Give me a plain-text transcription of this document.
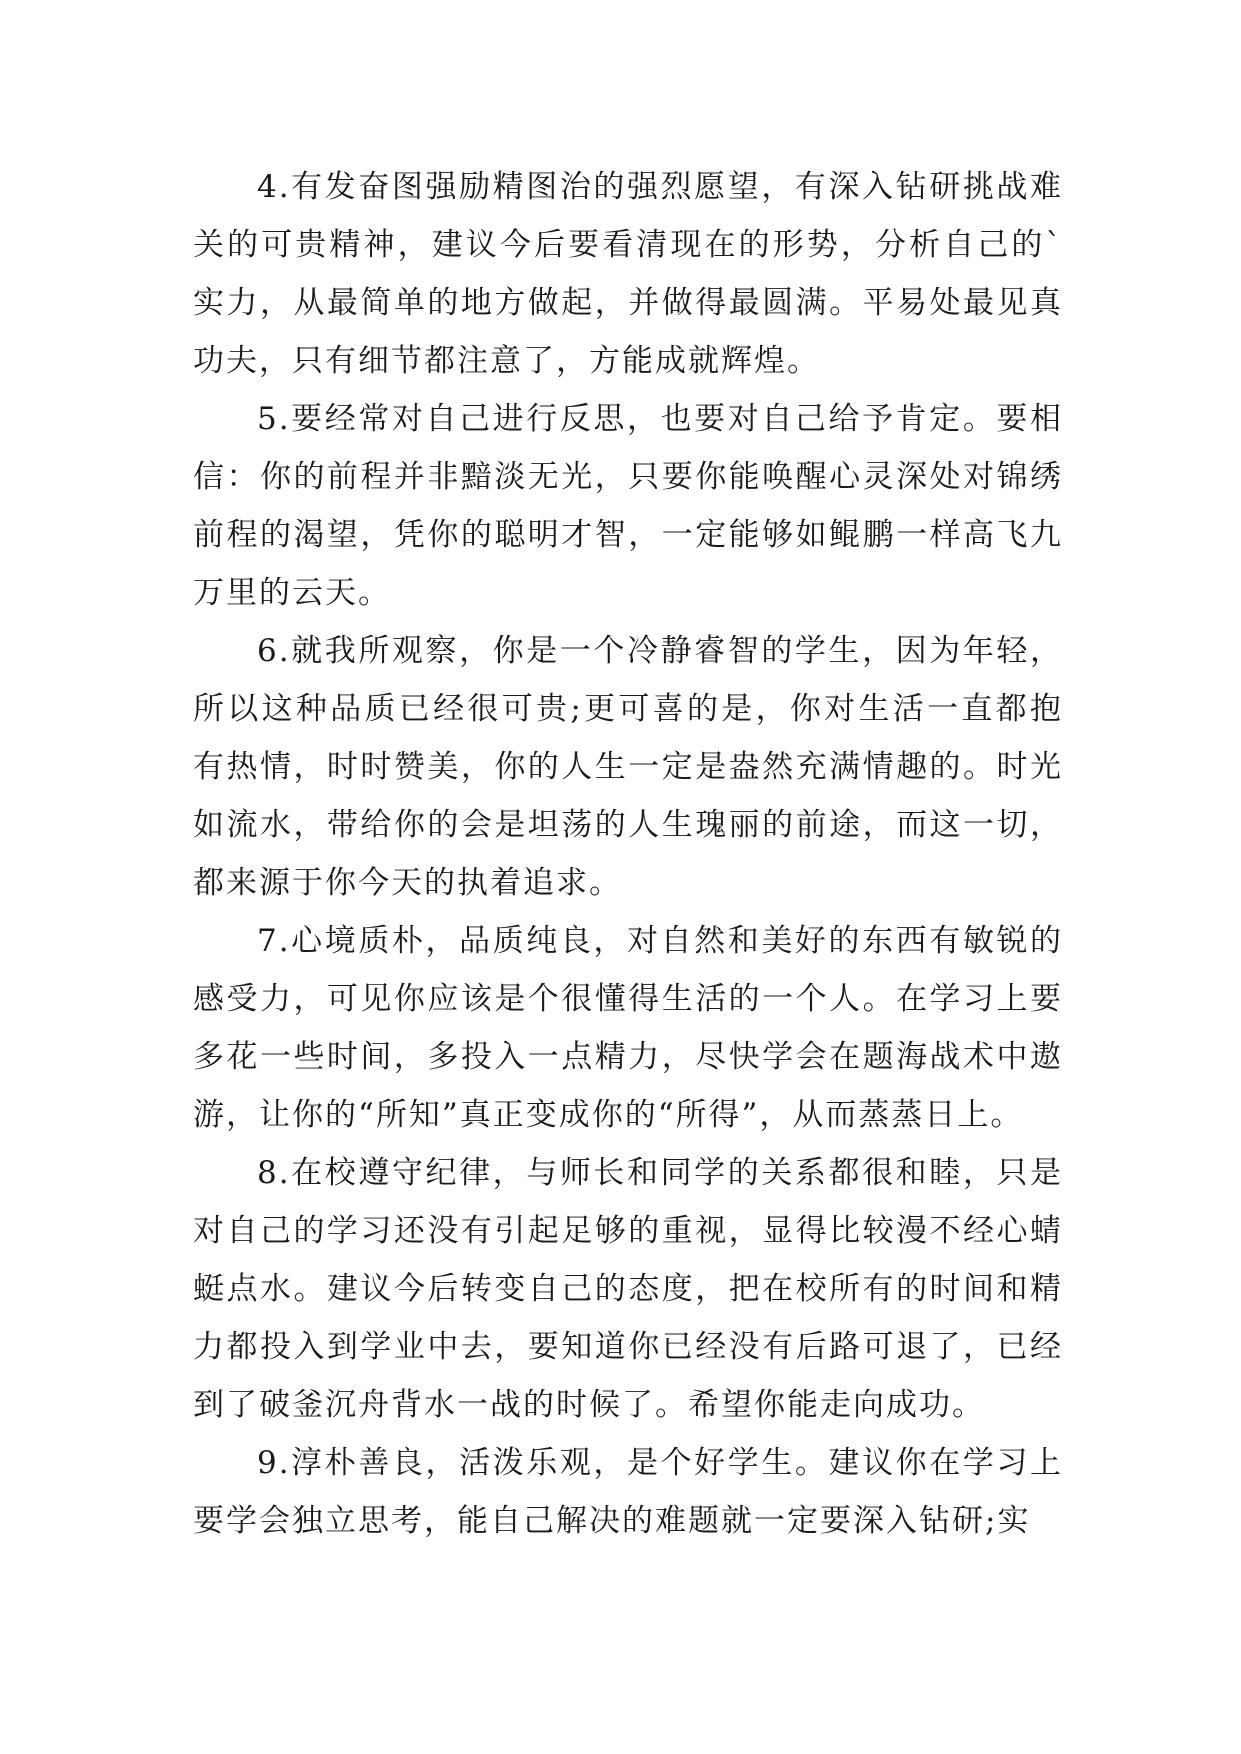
4.有发奋图强励精图治的强烈愿望，有深入钻研挑战难关的可贵精神，建议今后要看清现在的形势，分析自己的`实力，从最简单的地方做起，并做得最圆满。平易处最见真功夫，只有细节都注意了，方能成就辉煌。

5.要经常对自己进行反思，也要对自己给予肯定。要相信：你的前程并非黯淡无光，只要你能唤醒心灵深处对锦绣前程的渴望，凭你的聪明才智，一定能够如鲲鹏一样高飞九万里的云天。

6.就我所观察，你是一个冷静睿智的学生，因为年轻，所以这种品质已经很可贵;更可喜的是，你对生活一直都抱有热情，时时赞美，你的人生一定是盎然充满情趣的。时光如流水，带给你的会是坦荡的人生瑰丽的前途，而这一切，都来源于你今天的执着追求。

7.心境质朴，品质纯良，对自然和美好的东西有敏锐的感受力，可见你应该是个很懂得生活的一个人。在学习上要多花一些时间，多投入一点精力，尽快学会在题海战术中遨游，让你的“所知”真正变成你的“所得”，从而蒸蒸日上。

8.在校遵守纪律，与师长和同学的关系都很和睦，只是对自己的学习还没有引起足够的重视，显得比较漫不经心蜻蜓点水。建议今后转变自己的态度，把在校所有的时间和精力都投入到学业中去，要知道你已经没有后路可退了，已经到了破釜沉舟背水一战的时候了。希望你能走向成功。

9.淳朴善良，活泼乐观，是个好学生。建议你在学习上要学会独立思考，能自己解决的难题就一定要深入钻研;实
